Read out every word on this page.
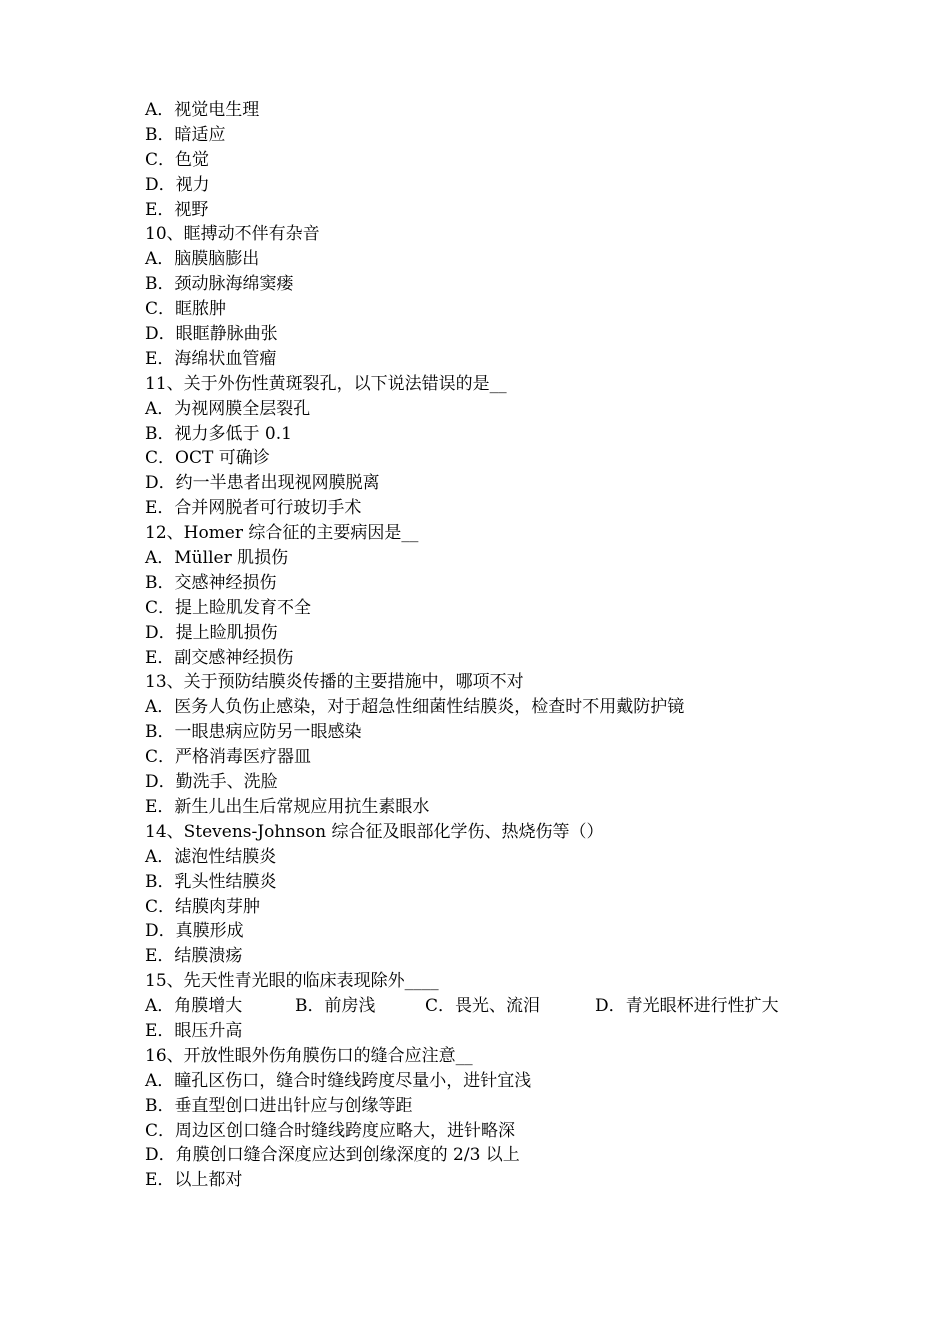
A．视觉电生理
B．暗适应
C．色觉
D．视力
E．视野
10、眶搏动不伴有杂音
A．脑膜脑膨出
B．颈动脉海绵窦瘘
C．眶脓肿
D．眼眶静脉曲张
E．海绵状血管瘤
11、关于外伤性黄斑裂孔，以下说法错误的是__
A．为视网膜全层裂孔
B．视力多低于 0.1
C．OCT 可确诊
D．约一半患者出现视网膜脱离
E．合并网脱者可行玻切手术
12、Homer 综合征的主要病因是__
A．Müller 肌损伤
B．交感神经损伤
C．提上睑肌发育不全
D．提上睑肌损伤
E．副交感神经损伤
13、关于预防结膜炎传播的主要措施中，哪项不对
A．医务人负伤止感染，对于超急性细菌性结膜炎，检查时不用戴防护镜
B．一眼患病应防另一眼感染
C．严格消毒医疗器皿
D．勤洗手、洗脸
E．新生儿出生后常规应用抗生素眼水
14、Stevens-Johnson 综合征及眼部化学伤、热烧伤等（）
A．滤泡性结膜炎
B．乳头性结膜炎
C．结膜肉芽肿
D．真膜形成
E．结膜溃疡
15、先天性青光眼的临床表现除外____
A．角膜增大	B．前房浅	C．畏光、流泪	D．青光眼杯进行性扩大
E．眼压升高
16、开放性眼外伤角膜伤口的缝合应注意__
A．瞳孔区伤口，缝合时缝线跨度尽量小，进针宜浅
B．垂直型创口进出针应与创缘等距
C．周边区创口缝合时缝线跨度应略大，进针略深
D．角膜创口缝合深度应达到创缘深度的 2/3 以上
E．以上都对
